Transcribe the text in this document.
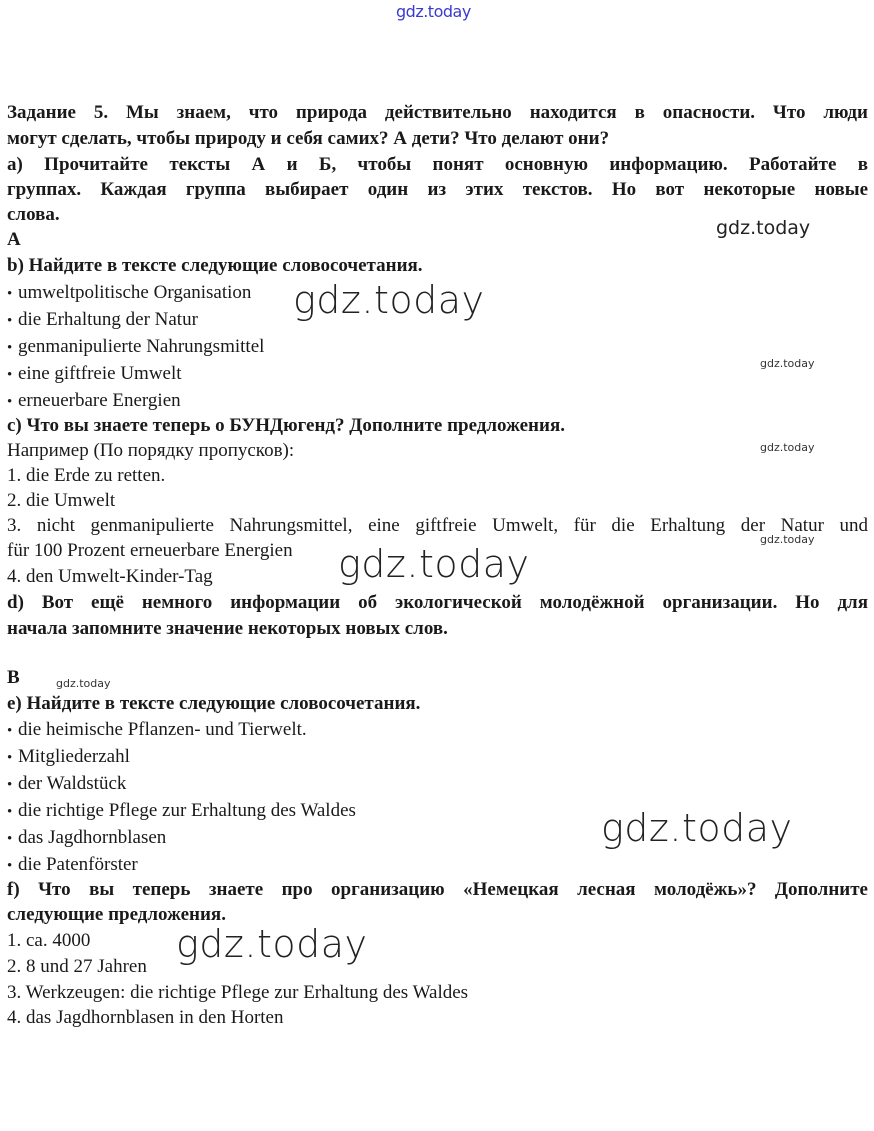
gdz.today
Задание 5. Мы знаем, что природа действительно находится в опасности. Что люди
могут сделать, чтобы природу и себя самих? А дети? Что делают они?
а) Прочитайте тексты А и Б, чтобы понят основную информацию. Работайте в
группах. Каждая группа выбирает один из этих текстов. Но вот некоторые новые
слова.
А
gdz.today
b) Найдите в тексте следующие словосочетания.
• umweltpolitische Organisation
• die Erhaltung der Natur
• genmanipulierte Nahrungsmittel
• eine giftfreie Umwelt
• erneuerbare Energien
gdz.today
gdz.today
c) Что вы знаете теперь о БУНДюгенд? Дополните предложения.
Например (По порядку пропусков):	gdz.today
1. die Erde zu retten.
2. die Umwelt
3. nicht genmanipulierte Nahrungsmittel, eine giftfreie Umwelt, für die Erhaltung der Natur und
für 100 Prozent erneuerbare Energien
gdz.today
4. den Umwelt-Kinder-Tag	gdz.today
d) Вот ещё немного информации об экологической молодёжной организации. Но для
начала запомните значение некоторых новых слов.
B	gdz.today
e) Найдите в тексте следующие словосочетания.
• die heimische Pflanzen- und Tierwelt.
• Mitgliederzahl
• der Waldstück
• die richtige Pflege zur Erhaltung des Waldes
• das Jagdhornblasen
• die Patenförster
gdz.today
f) Что вы теперь знаете про организацию «Немецкая лесная молодёжь»? Дополните
следующие предложения.
1. ca. 4000
2. 8 und 27 Jahren
3. Werkzeugen: die richtige Pflege zur Erhaltung des Waldes
4. das Jagdhornblasen in den Horten
gdz.today
